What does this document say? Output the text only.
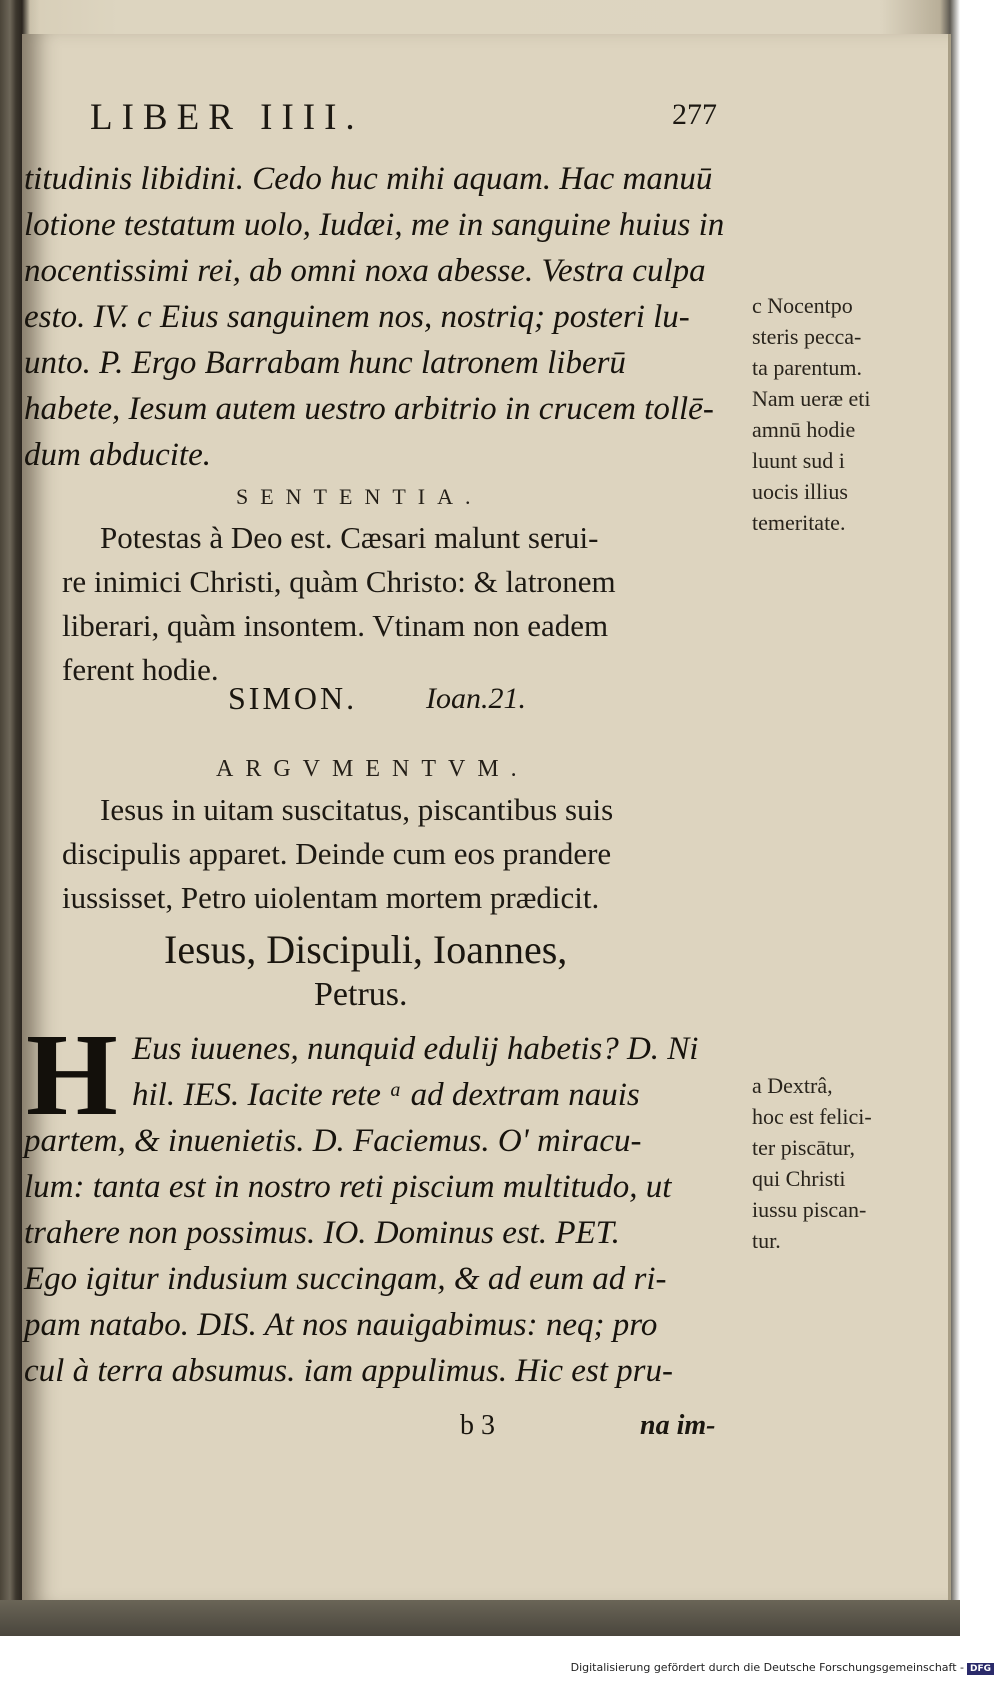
LIBER IIII.	277
titudinis libidini. Cedo huc mihi aquam. Hac manuū
lotione testatum uolo, Iudæi, me in sanguine huius in
nocentissimi rei, ab omni noxa abesse. Vestra culpa
esto. IV. c Eius sanguinem nos, nostriq; posteri lu-
unto. P. Ergo Barrabam hunc latronem liberū
habete, Iesum autem uestro arbitrio in crucem tollē-
dum abducite.
SENTENTIA.
Potestas à Deo est. Cæsari malunt serui-
re inimici Christi, quàm Christo: & latronem
liberari, quàm insontem. Vtinam non eadem
ferent hodie.
SIMON. Ioan.21.
ARGVMENTVM.
Iesus in uitam suscitatus, piscantibus suis
discipulis apparet. Deinde cum eos prandere
iussisset, Petro uiolentam mortem prædicit.
Iesus, Discipuli, Ioannes,
Petrus.
H Eus iuuenes, nunquid edulij habetis? D. Ni
hil. IES. Iacite rete ᵃ ad dextram nauis
partem, & inuenietis. D. Faciemus. O' miracu-
lum: tanta est in nostro reti piscium multitudo, ut
trahere non possimus. IO. Dominus est. PET.
Ego igitur indusium succingam, & ad eum ad ri-
pam natabo. DIS. At nos nauigabimus: neq; pro
cul à terra absumus. iam appulimus. Hic est pru-
b 3	na im-
c Nocentpo
steris pecca-
ta parentum.
Nam ueræ eti
amnū hodie
luunt sud i
uocis illius
temeritate.
a Dextrâ,
hoc est felici-
ter piscātur,
qui Christi
iussu piscan-
tur.
Digitalisierung gefördert durch die Deutsche Forschungsgemeinschaft - DFG
